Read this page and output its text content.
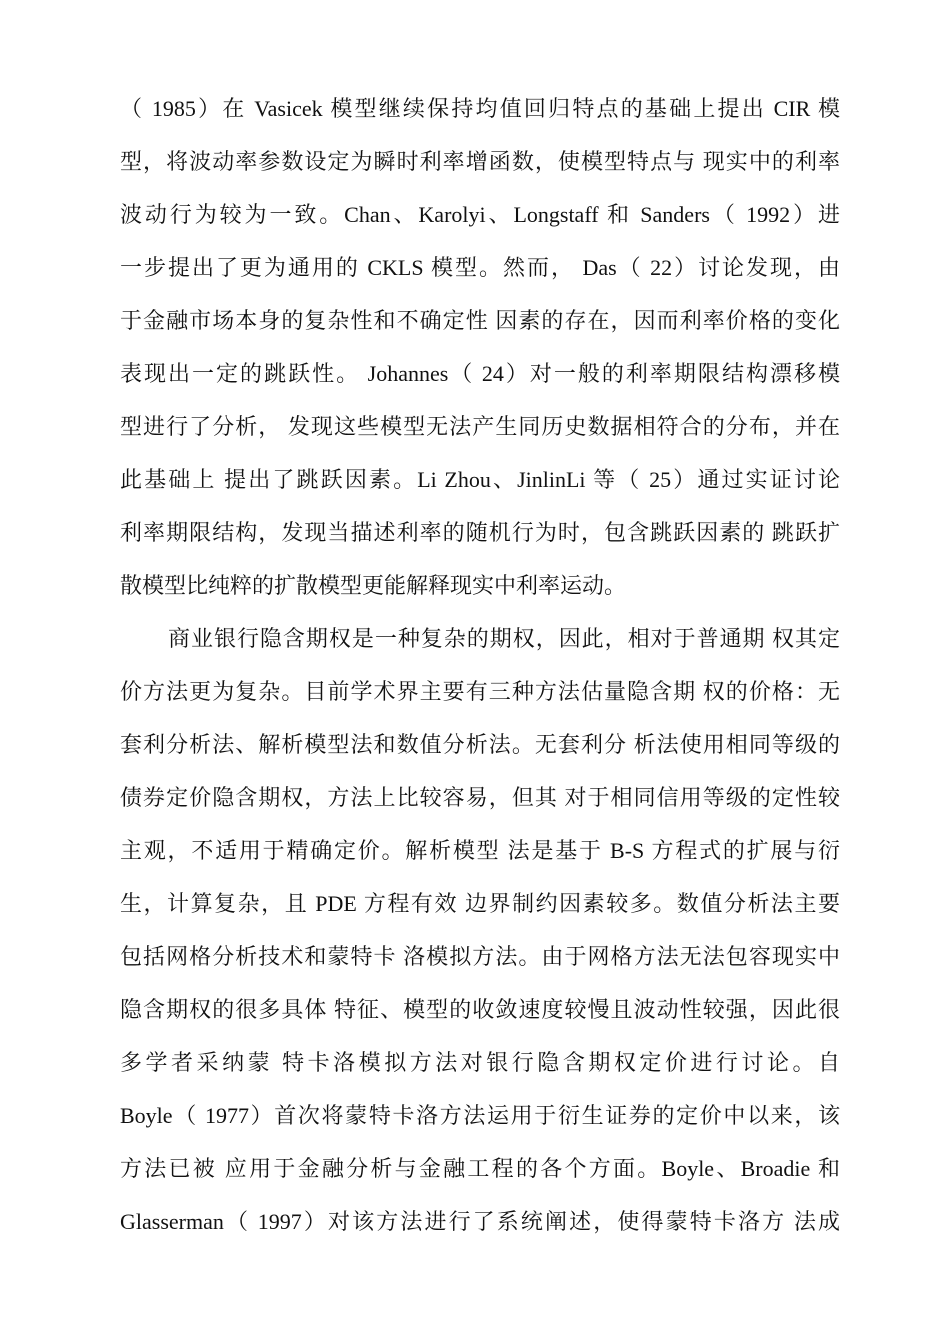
（ 1985）在 Vasicek 模型继续保持均值回归特点的基础上提出 CIR 模
型，将波动率参数设定为瞬时利率增函数，使模型特点与 现实中的利率
波动行为较为一致。Chan、Karolyi、Longstaff 和 Sanders（ 1992）进
一步提出了更为通用的 CKLS 模型。然而， Das（ 22）讨论发现，由
于金融市场本身的复杂性和不确定性 因素的存在，因而利率价格的变化
表现出一定的跳跃性。 Johannes（ 24）对一般的利率期限结构漂移模
型进行了分析， 发现这些模型无法产生同历史数据相符合的分布，并在
此基础上 提出了跳跃因素。Li Zhou、JinlinLi 等（ 25）通过实证讨论
利率期限结构，发现当描述利率的随机行为时，包含跳跃因素的 跳跃扩
散模型比纯粹的扩散模型更能解释现实中利率运动。
商业银行隐含期权是一种复杂的期权，因此，相对于普通期 权其定
价方法更为复杂。目前学术界主要有三种方法估量隐含期 权的价格：无
套利分析法、解析模型法和数值分析法。无套利分 析法使用相同等级的
债券定价隐含期权，方法上比较容易，但其 对于相同信用等级的定性较
主观，不适用于精确定价。解析模型 法是基于 B-S 方程式的扩展与衍
生，计算复杂，且 PDE 方程有效 边界制约因素较多。数值分析法主要
包括网格分析技术和蒙特卡 洛模拟方法。由于网格方法无法包容现实中
隐含期权的很多具体 特征、模型的收敛速度较慢且波动性较强，因此很
多学者采纳蒙 特卡洛模拟方法对银行隐含期权定价进行讨论。自
Boyle（ 1977）首次将蒙特卡洛方法运用于衍生证券的定价中以来，该
方法已被 应用于金融分析与金融工程的各个方面。Boyle、Broadie 和
Glasserman（ 1997）对该方法进行了系统阐述，使得蒙特卡洛方 法成
